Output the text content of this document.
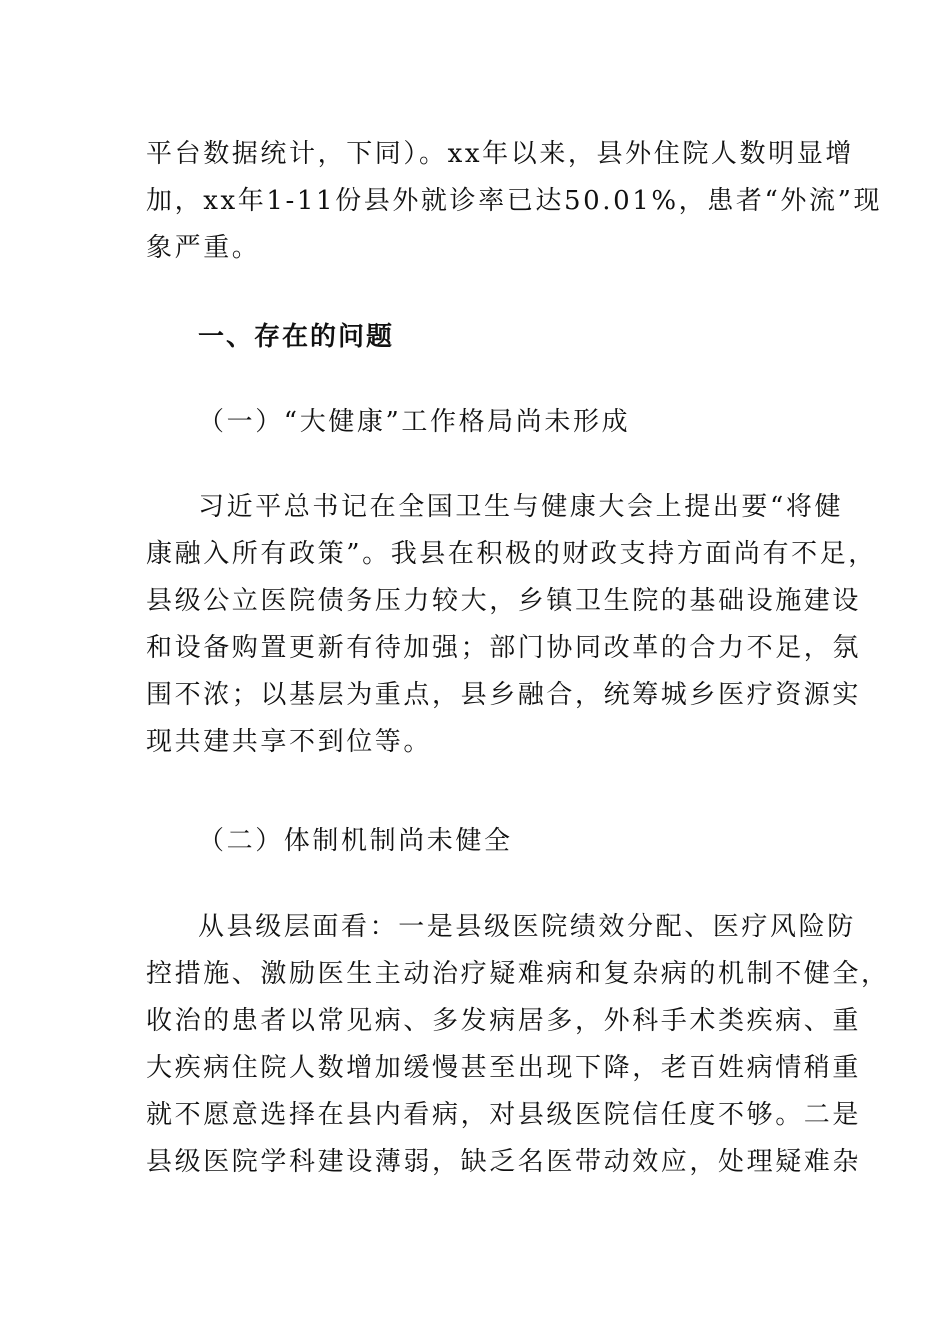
平台数据统计，下同）。xx年以来，县外住院人数明显增
加，xx年1-11份县外就诊率已达50.01%，患者“外流”现
象严重。
一、存在的问题
（一）“大健康”工作格局尚未形成
习近平总书记在全国卫生与健康大会上提出要“将健
康融入所有政策”。我县在积极的财政支持方面尚有不足，
县级公立医院债务压力较大，乡镇卫生院的基础设施建设
和设备购置更新有待加强；部门协同改革的合力不足，氛
围不浓；以基层为重点，县乡融合，统筹城乡医疗资源实
现共建共享不到位等。
（二）体制机制尚未健全
从县级层面看：一是县级医院绩效分配、医疗风险防
控措施、激励医生主动治疗疑难病和复杂病的机制不健全，
收治的患者以常见病、多发病居多，外科手术类疾病、重
大疾病住院人数增加缓慢甚至出现下降，老百姓病情稍重
就不愿意选择在县内看病，对县级医院信任度不够。二是
县级医院学科建设薄弱，缺乏名医带动效应，处理疑难杂
